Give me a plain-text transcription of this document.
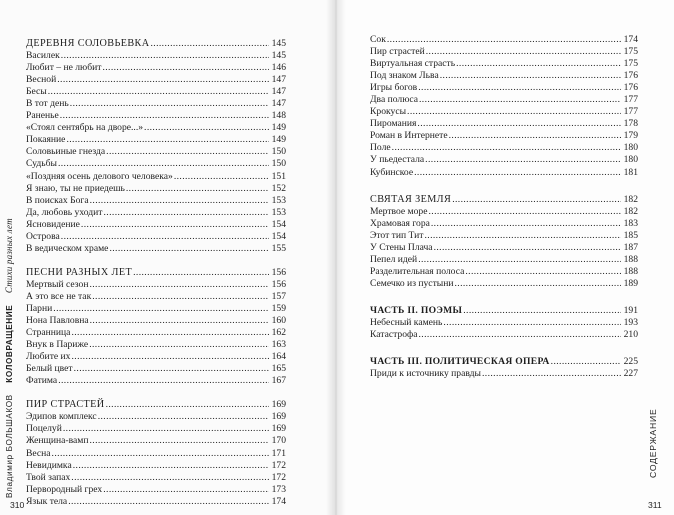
ДЕРЕВНЯ СОЛОВЬЕВКА . . .	145
Василек . . .	145
Любит – не любит . . .	146
Весной . . .	147
Бесы . . .	147
В тот день . . .	147
Раненье . . .	148
«Стоял сентябрь на дворе...» . . .	149
Покаяние . . .	149
Соловьиные гнезда . . .	150
Судьбы . . .	150
«Поздняя осень делового человека» . . .	151
Я знаю, ты не приедешь . . .	152
В поисках Бога . . .	153
Да, любовь уходит . . .	153
Ясновидение . . .	154
Острова . . .	154
В ведическом храме . . .	155
ПЕСНИ РАЗНЫХ ЛЕТ . . .	156
Мертвый сезон . . .	156
А это все не так . . .	157
Парни . . .	159
Нона Павловна . . .	160
Странница . . .	162
Внук в Париже . . .	163
Любите их . . .	164
Белый цвет . . .	165
Фатима . . .	167
ПИР СТРАСТЕЙ . . .	169
Эдипов комплекс . . .	169
Поцелуй . . .	169
Женщина-вамп . . .	170
Весна . . .	171
Невидимка . . .	172
Твой запах . . .	172
Первородный грех . . .	173
Язык тела . . .	174
Владимир БОЛЬШАКОВ    КОЛОВРАЩЕНИЕ    Стихи разных лет
310
Сок . . .	174
Пир страстей . . .	175
Виртуальная страсть . . .	175
Под знаком Льва . . .	176
Игры богов . . .	176
Два полюса . . .	177
Крокусы . . .	177
Пиромания . . .	178
Роман в Интернете . . .	179
Поле . . .	180
У пьедестала . . .	180
Кубинское . . .	181
СВЯТАЯ ЗЕМЛЯ . . .	182
Мертвое море . . .	182
Храмовая гора . . .	183
Этот тип Тит . . .	185
У Стены Плача . . .	187
Пепел идей . . .	188
Разделительная полоса . . .	188
Семечко из пустыни . . .	189
ЧАСТЬ II. ПОЭМЫ . . .	191
Небесный камень . . .	193
Катастрофа . . .	210
ЧАСТЬ III. ПОЛИТИЧЕСКАЯ ОПЕРА . . .	225
Приди к источнику правды . . .	227
СОДЕРЖАНИЕ
311
